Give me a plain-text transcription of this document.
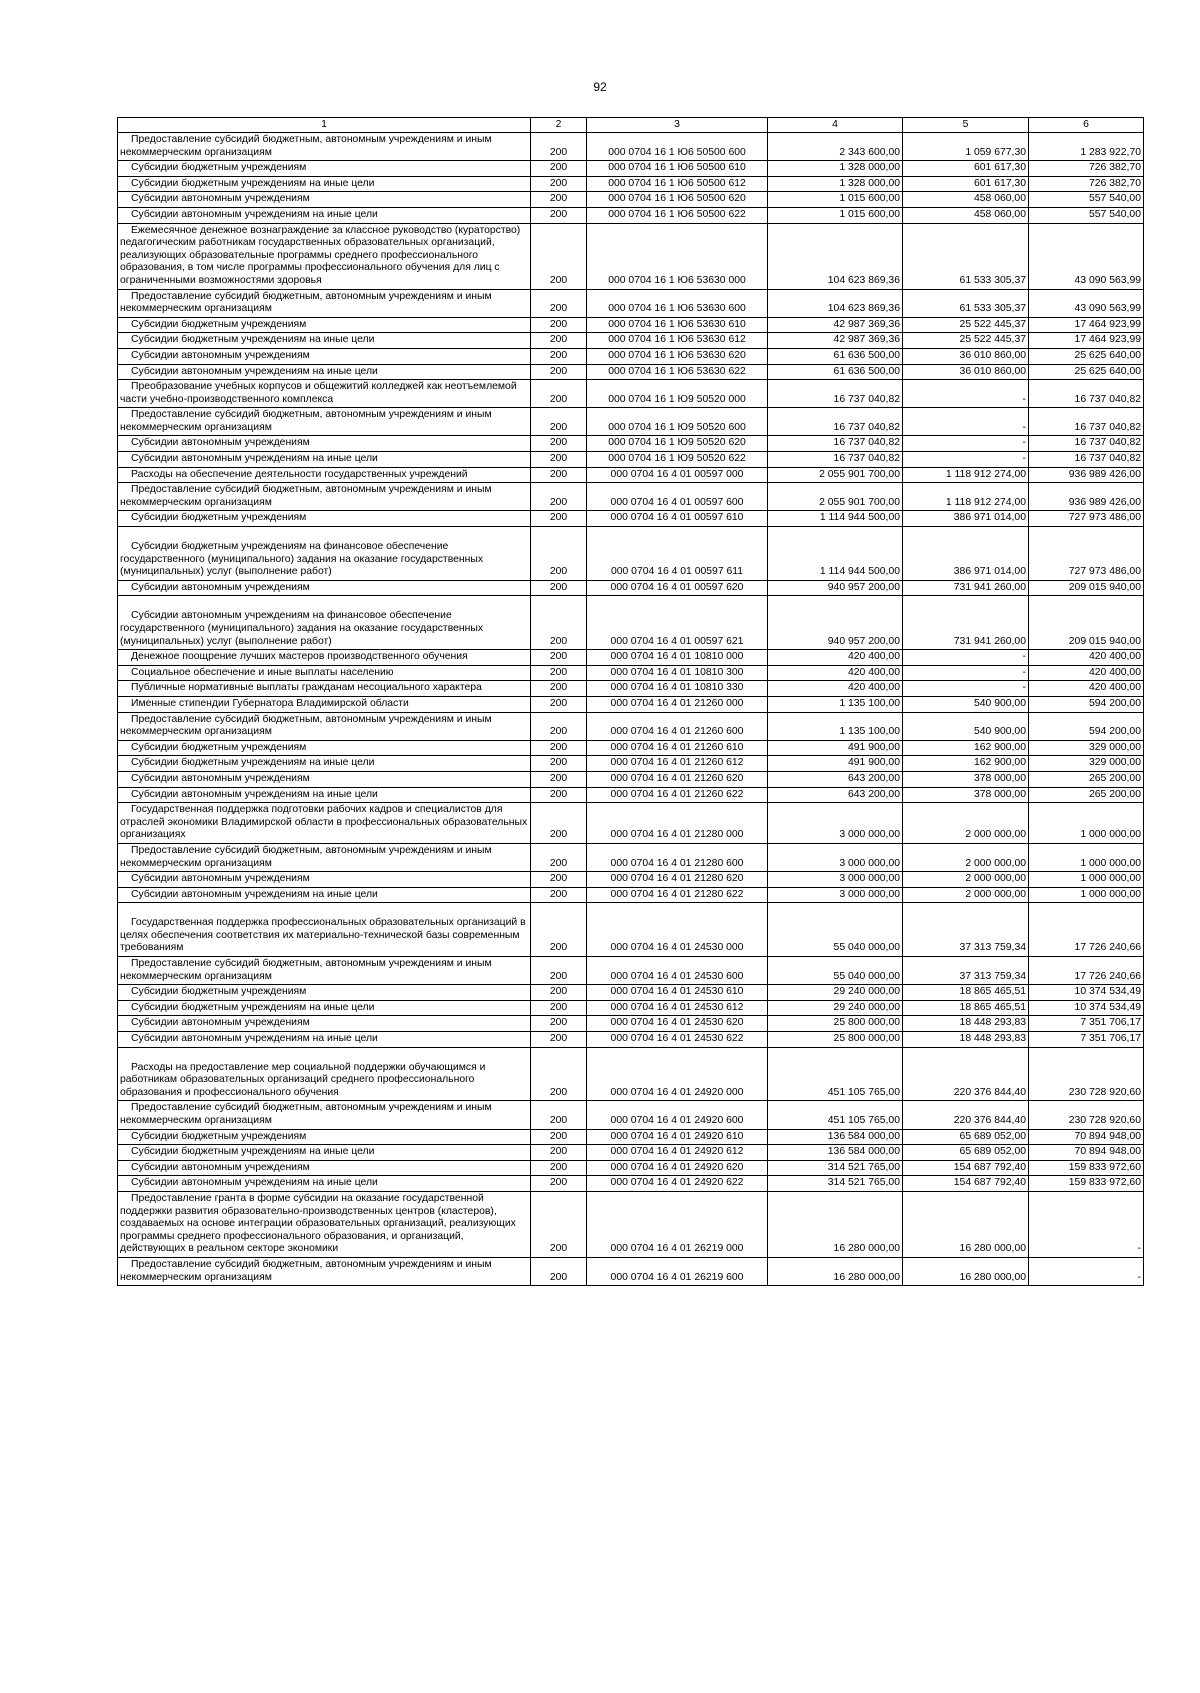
92
1	2	3	4	5	6
Предоставление субсидий бюджетным, автономным учреждениям и иным некоммерческим организациям	200	000 0704 16 1 Ю6 50500 600	2 343 600,00	1 059 677,30	1 283 922,70
Субсидии бюджетным учреждениям	200	000 0704 16 1 Ю6 50500 610	1 328 000,00	601 617,30	726 382,70
Субсидии бюджетным учреждениям на иные цели	200	000 0704 16 1 Ю6 50500 612	1 328 000,00	601 617,30	726 382,70
Субсидии автономным учреждениям	200	000 0704 16 1 Ю6 50500 620	1 015 600,00	458 060,00	557 540,00
Субсидии автономным учреждениям на иные цели	200	000 0704 16 1 Ю6 50500 622	1 015 600,00	458 060,00	557 540,00
Ежемесячное денежное вознаграждение за классное руководство (кураторство) педагогическим работникам государственных образовательных организаций, реализующих образовательные программы среднего профессионального образования, в том числе программы профессионального обучения для лиц с ограниченными возможностями здоровья	200	000 0704 16 1 Ю6 53630 000	104 623 869,36	61 533 305,37	43 090 563,99
Предоставление субсидий бюджетным, автономным учреждениям и иным некоммерческим организациям	200	000 0704 16 1 Ю6 53630 600	104 623 869,36	61 533 305,37	43 090 563,99
Субсидии бюджетным учреждениям	200	000 0704 16 1 Ю6 53630 610	42 987 369,36	25 522 445,37	17 464 923,99
Субсидии бюджетным учреждениям на иные цели	200	000 0704 16 1 Ю6 53630 612	42 987 369,36	25 522 445,37	17 464 923,99
Субсидии автономным учреждениям	200	000 0704 16 1 Ю6 53630 620	61 636 500,00	36 010 860,00	25 625 640,00
Субсидии автономным учреждениям на иные цели	200	000 0704 16 1 Ю6 53630 622	61 636 500,00	36 010 860,00	25 625 640,00
Преобразование учебных корпусов и общежитий колледжей как неотъемлемой части учебно-производственного комплекса	200	000 0704 16 1 Ю9 50520 000	16 737 040,82	-	16 737 040,82
Предоставление субсидий бюджетным, автономным учреждениям и иным некоммерческим организациям	200	000 0704 16 1 Ю9 50520 600	16 737 040,82	-	16 737 040,82
Субсидии автономным учреждениям	200	000 0704 16 1 Ю9 50520 620	16 737 040,82	-	16 737 040,82
Субсидии автономным учреждениям на иные цели	200	000 0704 16 1 Ю9 50520 622	16 737 040,82	-	16 737 040,82
Расходы на обеспечение деятельности государственных учреждений	200	000 0704 16 4 01 00597 000	2 055 901 700,00	1 118 912 274,00	936 989 426,00
Предоставление субсидий бюджетным, автономным учреждениям и иным некоммерческим организациям	200	000 0704 16 4 01 00597 600	2 055 901 700,00	1 118 912 274,00	936 989 426,00
Субсидии бюджетным учреждениям	200	000 0704 16 4 01 00597 610	1 114 944 500,00	386 971 014,00	727 973 486,00
Субсидии бюджетным учреждениям на финансовое обеспечение государственного (муниципального) задания на оказание государственных (муниципальных) услуг (выполнение работ)	200	000 0704 16 4 01 00597 611	1 114 944 500,00	386 971 014,00	727 973 486,00
Субсидии автономным учреждениям	200	000 0704 16 4 01 00597 620	940 957 200,00	731 941 260,00	209 015 940,00
Субсидии автономным учреждениям на финансовое обеспечение государственного (муниципального) задания на оказание государственных (муниципальных) услуг (выполнение работ)	200	000 0704 16 4 01 00597 621	940 957 200,00	731 941 260,00	209 015 940,00
Денежное поощрение лучших мастеров производственного обучения	200	000 0704 16 4 01 10810 000	420 400,00	-	420 400,00
Социальное обеспечение и иные выплаты населению	200	000 0704 16 4 01 10810 300	420 400,00	-	420 400,00
Публичные нормативные выплаты гражданам несоциального характера	200	000 0704 16 4 01 10810 330	420 400,00	-	420 400,00
Именные стипендии Губернатора Владимирской области	200	000 0704 16 4 01 21260 000	1 135 100,00	540 900,00	594 200,00
Предоставление субсидий бюджетным, автономным учреждениям и иным некоммерческим организациям	200	000 0704 16 4 01 21260 600	1 135 100,00	540 900,00	594 200,00
Субсидии бюджетным учреждениям	200	000 0704 16 4 01 21260 610	491 900,00	162 900,00	329 000,00
Субсидии бюджетным учреждениям на иные цели	200	000 0704 16 4 01 21260 612	491 900,00	162 900,00	329 000,00
Субсидии автономным учреждениям	200	000 0704 16 4 01 21260 620	643 200,00	378 000,00	265 200,00
Субсидии автономным учреждениям на иные цели	200	000 0704 16 4 01 21260 622	643 200,00	378 000,00	265 200,00
Государственная поддержка подготовки рабочих кадров и специалистов для отраслей экономики Владимирской области в профессиональных образовательных организациях	200	000 0704 16 4 01 21280 000	3 000 000,00	2 000 000,00	1 000 000,00
Предоставление субсидий бюджетным, автономным учреждениям и иным некоммерческим организациям	200	000 0704 16 4 01 21280 600	3 000 000,00	2 000 000,00	1 000 000,00
Субсидии автономным учреждениям	200	000 0704 16 4 01 21280 620	3 000 000,00	2 000 000,00	1 000 000,00
Субсидии автономным учреждениям на иные цели	200	000 0704 16 4 01 21280 622	3 000 000,00	2 000 000,00	1 000 000,00
Государственная поддержка профессиональных образовательных организаций в целях обеспечения соответствия их материально-технической базы современным требованиям	200	000 0704 16 4 01 24530 000	55 040 000,00	37 313 759,34	17 726 240,66
Предоставление субсидий бюджетным, автономным учреждениям и иным некоммерческим организациям	200	000 0704 16 4 01 24530 600	55 040 000,00	37 313 759,34	17 726 240,66
Субсидии бюджетным учреждениям	200	000 0704 16 4 01 24530 610	29 240 000,00	18 865 465,51	10 374 534,49
Субсидии бюджетным учреждениям на иные цели	200	000 0704 16 4 01 24530 612	29 240 000,00	18 865 465,51	10 374 534,49
Субсидии автономным учреждениям	200	000 0704 16 4 01 24530 620	25 800 000,00	18 448 293,83	7 351 706,17
Субсидии автономным учреждениям на иные цели	200	000 0704 16 4 01 24530 622	25 800 000,00	18 448 293,83	7 351 706,17
Расходы на предоставление мер социальной поддержки обучающимся и работникам образовательных организаций среднего профессионального образования и профессионального обучения	200	000 0704 16 4 01 24920 000	451 105 765,00	220 376 844,40	230 728 920,60
Предоставление субсидий бюджетным, автономным учреждениям и иным некоммерческим организациям	200	000 0704 16 4 01 24920 600	451 105 765,00	220 376 844,40	230 728 920,60
Субсидии бюджетным учреждениям	200	000 0704 16 4 01 24920 610	136 584 000,00	65 689 052,00	70 894 948,00
Субсидии бюджетным учреждениям на иные цели	200	000 0704 16 4 01 24920 612	136 584 000,00	65 689 052,00	70 894 948,00
Субсидии автономным учреждениям	200	000 0704 16 4 01 24920 620	314 521 765,00	154 687 792,40	159 833 972,60
Субсидии автономным учреждениям на иные цели	200	000 0704 16 4 01 24920 622	314 521 765,00	154 687 792,40	159 833 972,60
Предоставление гранта в форме субсидии на оказание государственной поддержки развития образовательно-производственных центров (кластеров), создаваемых на основе интеграции образовательных организаций, реализующих программы среднего профессионального образования, и организаций, действующих в реальном секторе экономики	200	000 0704 16 4 01 26219 000	16 280 000,00	16 280 000,00	-
Предоставление субсидий бюджетным, автономным учреждениям и иным некоммерческим организациям	200	000 0704 16 4 01 26219 600	16 280 000,00	16 280 000,00	-
